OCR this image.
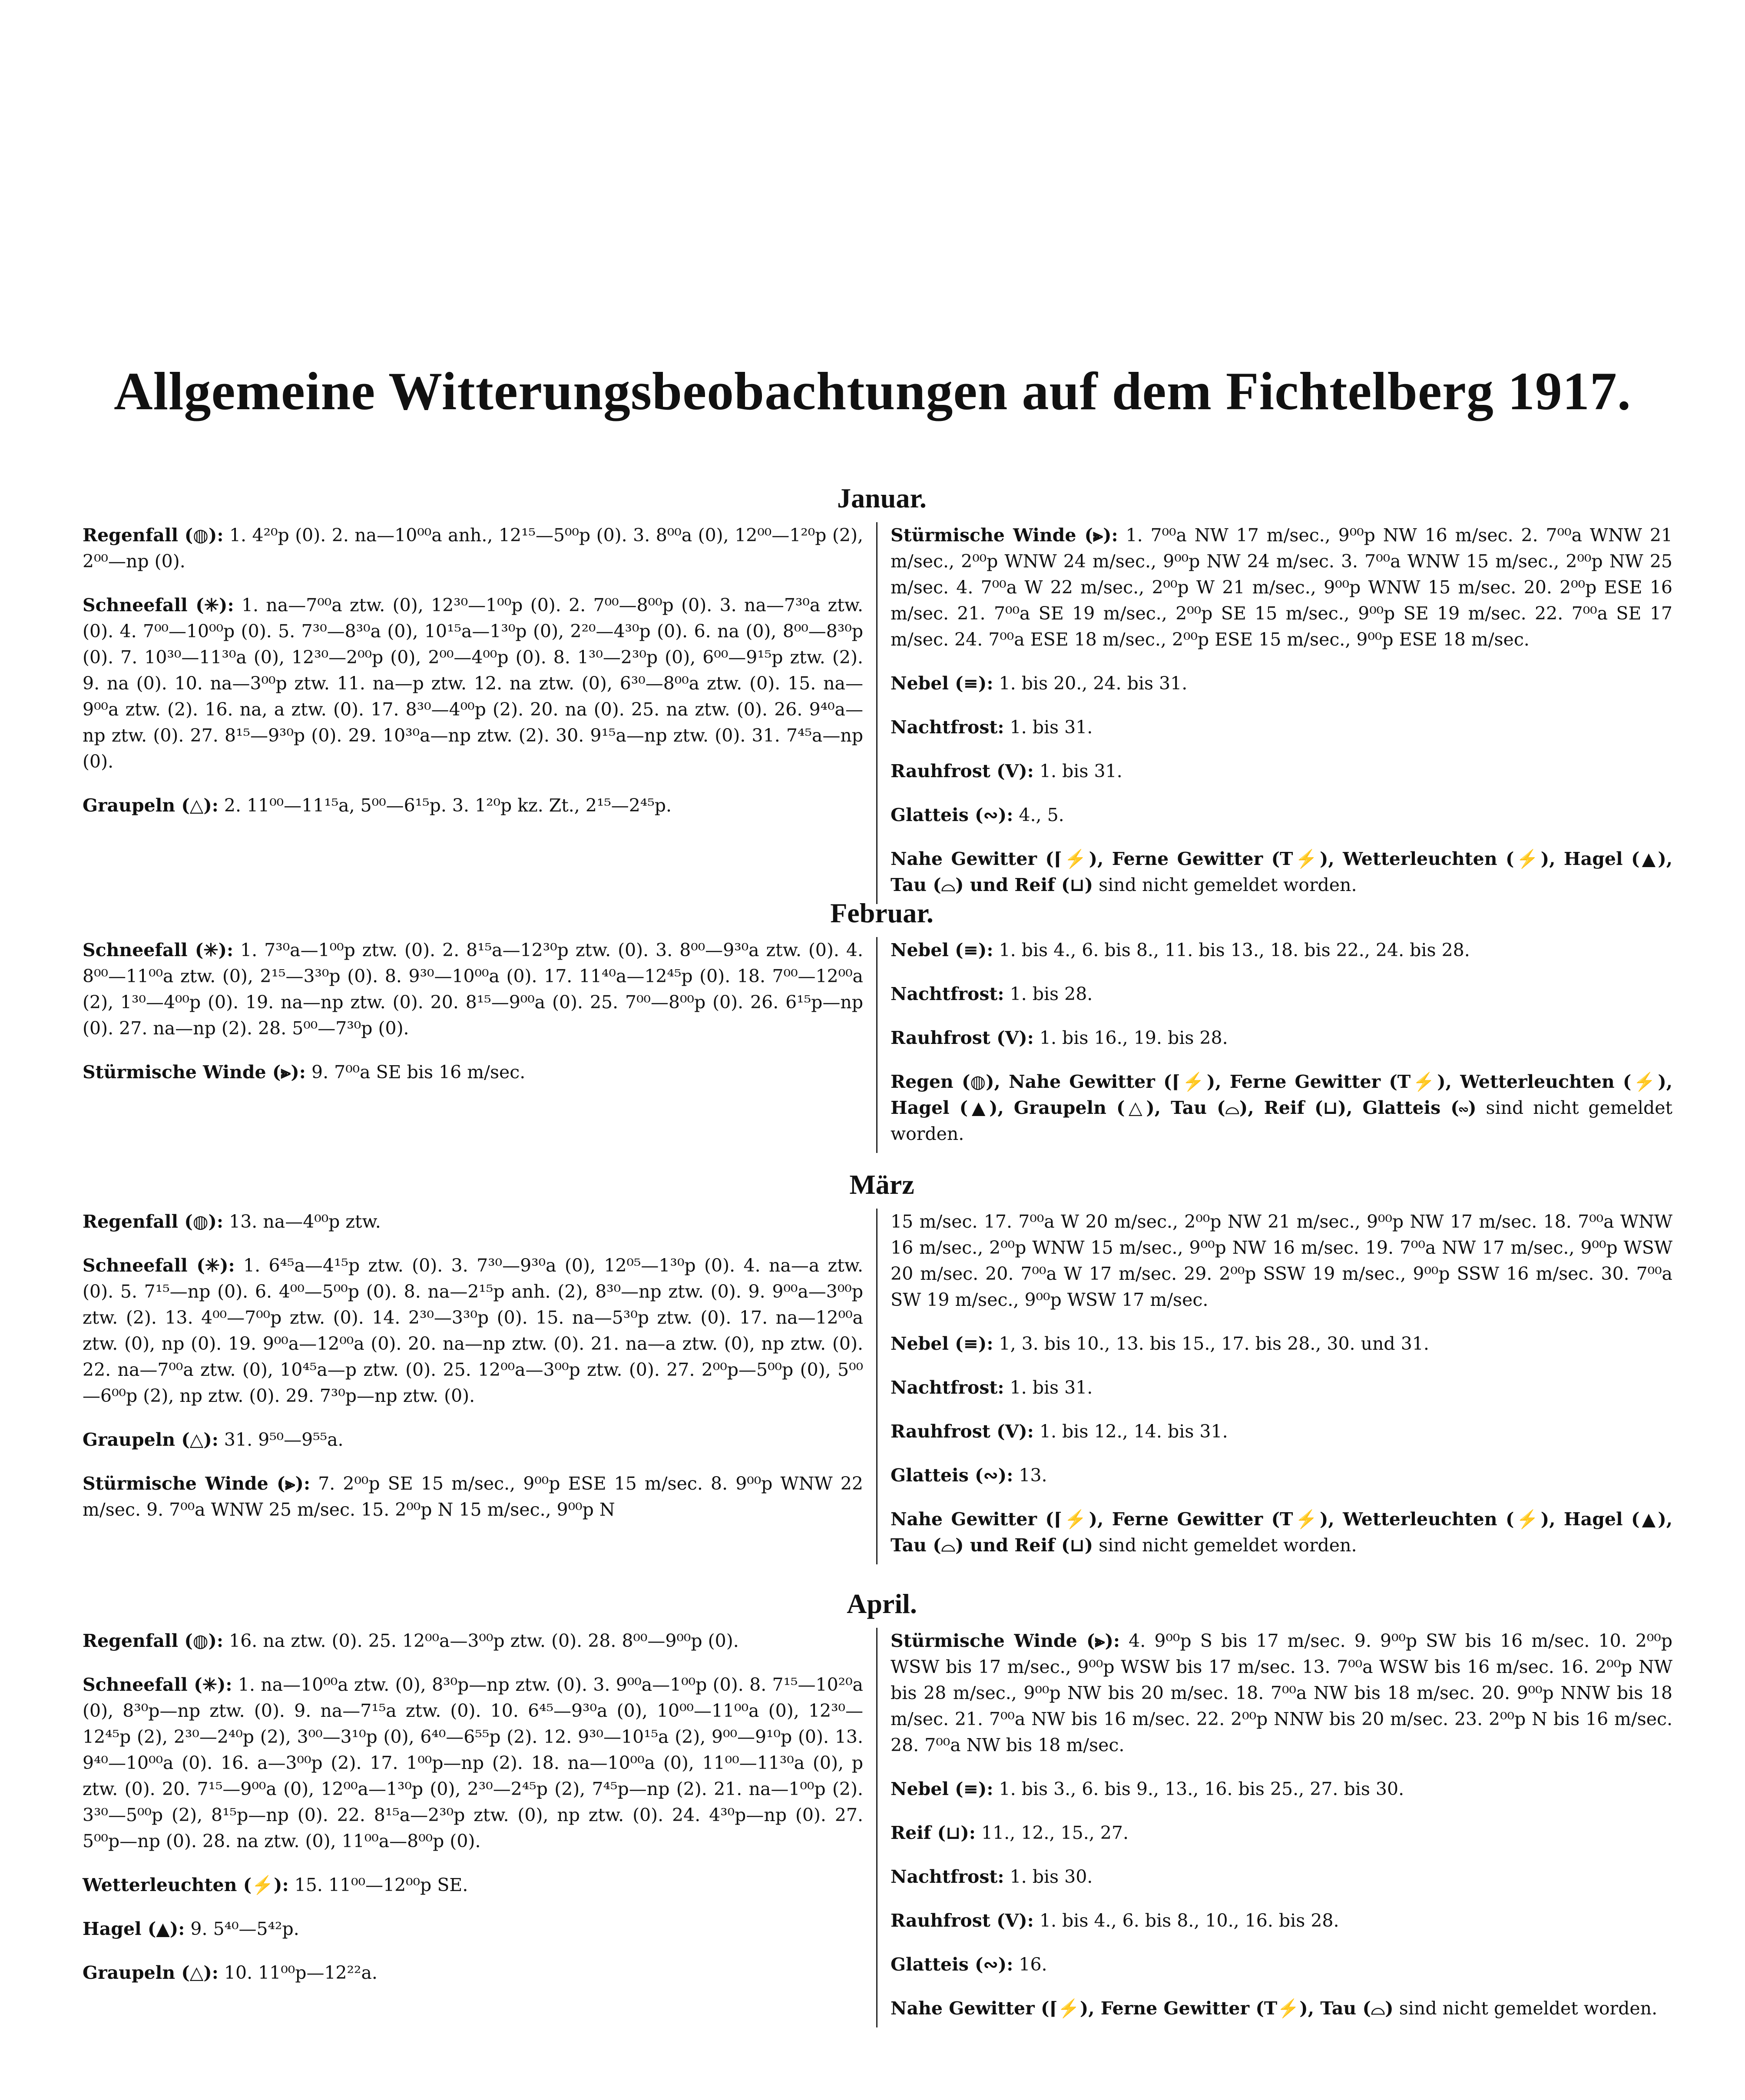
Allgemeine Witterungsbeobachtungen auf dem Fichtelberg 1917.
Januar.

Regenfall (◍): 1. 4²⁰p (0). 2. na—10⁰⁰a anh., 12¹⁵—5⁰⁰p (0). 3. 8⁰⁰a (0), 12⁰⁰—1²⁰p (2), 2⁰⁰—np (0).

Schneefall (✳): 1. na—7⁰⁰a ztw. (0), 12³⁰—1⁰⁰p (0). 2. 7⁰⁰—8⁰⁰p (0). 3. na—7³⁰a ztw. (0). 4. 7⁰⁰—10⁰⁰p (0). 5. 7³⁰—8³⁰a (0), 10¹⁵a—1³⁰p (0), 2²⁰—4³⁰p (0). 6. na (0), 8⁰⁰—8³⁰p (0). 7. 10³⁰—11³⁰a (0), 12³⁰—2⁰⁰p (0), 2⁰⁰—4⁰⁰p (0). 8. 1³⁰—2³⁰p (0), 6⁰⁰—9¹⁵p ztw. (2). 9. na (0). 10. na—3⁰⁰p ztw. 11. na—p ztw. 12. na ztw. (0), 6³⁰—8⁰⁰a ztw. (0). 15. na—9⁰⁰a ztw. (2). 16. na, a ztw. (0). 17. 8³⁰—4⁰⁰p (2). 20. na (0). 25. na ztw. (0). 26. 9⁴⁰a—np ztw. (0). 27. 8¹⁵—9³⁰p (0). 29. 10³⁰a—np ztw. (2). 30. 9¹⁵a—np ztw. (0). 31. 7⁴⁵a—np (0).

Graupeln (△): 2. 11⁰⁰—11¹⁵a, 5⁰⁰—6¹⁵p. 3. 1²⁰p kz. Zt., 2¹⁵—2⁴⁵p.

Stürmische Winde (⫸): 1. 7⁰⁰a NW 17 m/sec., 9⁰⁰p NW 16 m/sec. 2. 7⁰⁰a WNW 21 m/sec., 2⁰⁰p WNW 24 m/sec., 9⁰⁰p NW 24 m/sec. 3. 7⁰⁰a WNW 15 m/sec., 2⁰⁰p NW 25 m/sec. 4. 7⁰⁰a W 22 m/sec., 2⁰⁰p W 21 m/sec., 9⁰⁰p WNW 15 m/sec. 20. 2⁰⁰p ESE 16 m/sec. 21. 7⁰⁰a SE 19 m/sec., 2⁰⁰p SE 15 m/sec., 9⁰⁰p SE 19 m/sec. 22. 7⁰⁰a SE 17 m/sec. 24. 7⁰⁰a ESE 18 m/sec., 2⁰⁰p ESE 15 m/sec., 9⁰⁰p ESE 18 m/sec.

Nebel (≡): 1. bis 20., 24. bis 31.

Nachtfrost: 1. bis 31.

Rauhfrost (V): 1. bis 31.

Glatteis (∾): 4., 5.

Nahe Gewitter (⌈⚡), Ferne Gewitter (T⚡), Wetterleuchten (⚡), Hagel (▲), Tau (⌓) und Reif (⊔) sind nicht gemeldet worden.

Februar.

Schneefall (✳): 1. 7³⁰a—1⁰⁰p ztw. (0). 2. 8¹⁵a—12³⁰p ztw. (0). 3. 8⁰⁰—9³⁰a ztw. (0). 4. 8⁰⁰—11⁰⁰a ztw. (0), 2¹⁵—3³⁰p (0). 8. 9³⁰—10⁰⁰a (0). 17. 11⁴⁰a—12⁴⁵p (0). 18. 7⁰⁰—12⁰⁰a (2), 1³⁰—4⁰⁰p (0). 19. na—np ztw. (0). 20. 8¹⁵—9⁰⁰a (0). 25. 7⁰⁰—8⁰⁰p (0). 26. 6¹⁵p—np (0). 27. na—np (2). 28. 5⁰⁰—7³⁰p (0).

Stürmische Winde (⫸): 9. 7⁰⁰a SE bis 16 m/sec.

Nebel (≡): 1. bis 4., 6. bis 8., 11. bis 13., 18. bis 22., 24. bis 28.

Nachtfrost: 1. bis 28.

Rauhfrost (V): 1. bis 16., 19. bis 28.

Regen (◍), Nahe Gewitter (⌈⚡), Ferne Gewitter (T⚡), Wetterleuchten (⚡), Hagel (▲), Graupeln (△), Tau (⌓), Reif (⊔), Glatteis (∾) sind nicht gemeldet worden.

März

Regenfall (◍): 13. na—4⁰⁰p ztw.

Schneefall (✳): 1. 6⁴⁵a—4¹⁵p ztw. (0). 3. 7³⁰—9³⁰a (0), 12⁰⁵—1³⁰p (0). 4. na—a ztw. (0). 5. 7¹⁵—np (0). 6. 4⁰⁰—5⁰⁰p (0). 8. na—2¹⁵p anh. (2), 8³⁰—np ztw. (0). 9. 9⁰⁰a—3⁰⁰p ztw. (2). 13. 4⁰⁰—7⁰⁰p ztw. (0). 14. 2³⁰—3³⁰p (0). 15. na—5³⁰p ztw. (0). 17. na—12⁰⁰a ztw. (0), np (0). 19. 9⁰⁰a—12⁰⁰a (0). 20. na—np ztw. (0). 21. na—a ztw. (0), np ztw. (0). 22. na—7⁰⁰a ztw. (0), 10⁴⁵a—p ztw. (0). 25. 12⁰⁰a—3⁰⁰p ztw. (0). 27. 2⁰⁰p—5⁰⁰p (0), 5⁰⁰—6⁰⁰p (2), np ztw. (0). 29. 7³⁰p—np ztw. (0).

Graupeln (△): 31. 9⁵⁰—9⁵⁵a.

Stürmische Winde (⫸): 7. 2⁰⁰p SE 15 m/sec., 9⁰⁰p ESE 15 m/sec. 8. 9⁰⁰p WNW 22 m/sec. 9. 7⁰⁰a WNW 25 m/sec. 15. 2⁰⁰p N 15 m/sec., 9⁰⁰p N

15 m/sec. 17. 7⁰⁰a W 20 m/sec., 2⁰⁰p NW 21 m/sec., 9⁰⁰p NW 17 m/sec. 18. 7⁰⁰a WNW 16 m/sec., 2⁰⁰p WNW 15 m/sec., 9⁰⁰p NW 16 m/sec. 19. 7⁰⁰a NW 17 m/sec., 9⁰⁰p WSW 20 m/sec. 20. 7⁰⁰a W 17 m/sec. 29. 2⁰⁰p SSW 19 m/sec., 9⁰⁰p SSW 16 m/sec. 30. 7⁰⁰a SW 19 m/sec., 9⁰⁰p WSW 17 m/sec.

Nebel (≡): 1, 3. bis 10., 13. bis 15., 17. bis 28., 30. und 31.

Nachtfrost: 1. bis 31.

Rauhfrost (V): 1. bis 12., 14. bis 31.

Glatteis (∾): 13.

Nahe Gewitter (⌈⚡), Ferne Gewitter (T⚡), Wetterleuchten (⚡), Hagel (▲), Tau (⌓) und Reif (⊔) sind nicht gemeldet worden.

April.

Regenfall (◍): 16. na ztw. (0). 25. 12⁰⁰a—3⁰⁰p ztw. (0). 28. 8⁰⁰—9⁰⁰p (0).

Schneefall (✳): 1. na—10⁰⁰a ztw. (0), 8³⁰p—np ztw. (0). 3. 9⁰⁰a—1⁰⁰p (0). 8. 7¹⁵—10²⁰a (0), 8³⁰p—np ztw. (0). 9. na—7¹⁵a ztw. (0). 10. 6⁴⁵—9³⁰a (0), 10⁰⁰—11⁰⁰a (0), 12³⁰—12⁴⁵p (2), 2³⁰—2⁴⁰p (2), 3⁰⁰—3¹⁰p (0), 6⁴⁰—6⁵⁵p (2). 12. 9³⁰—10¹⁵a (2), 9⁰⁰—9¹⁰p (0). 13. 9⁴⁰—10⁰⁰a (0). 16. a—3⁰⁰p (2). 17. 1⁰⁰p—np (2). 18. na—10⁰⁰a (0), 11⁰⁰—11³⁰a (0), p ztw. (0). 20. 7¹⁵—9⁰⁰a (0), 12⁰⁰a—1³⁰p (0), 2³⁰—2⁴⁵p (2), 7⁴⁵p—np (2). 21. na—1⁰⁰p (2). 3³⁰—5⁰⁰p (2), 8¹⁵p—np (0). 22. 8¹⁵a—2³⁰p ztw. (0), np ztw. (0). 24. 4³⁰p—np (0). 27. 5⁰⁰p—np (0). 28. na ztw. (0), 11⁰⁰a—8⁰⁰p (0).

Wetterleuchten (⚡): 15. 11⁰⁰—12⁰⁰p SE.

Hagel (▲): 9. 5⁴⁰—5⁴²p.

Graupeln (△): 10. 11⁰⁰p—12²²a.

Stürmische Winde (⫸): 4. 9⁰⁰p S bis 17 m/sec. 9. 9⁰⁰p SW bis 16 m/sec. 10. 2⁰⁰p WSW bis 17 m/sec., 9⁰⁰p WSW bis 17 m/sec. 13. 7⁰⁰a WSW bis 16 m/sec. 16. 2⁰⁰p NW bis 28 m/sec., 9⁰⁰p NW bis 20 m/sec. 18. 7⁰⁰a NW bis 18 m/sec. 20. 9⁰⁰p NNW bis 18 m/sec. 21. 7⁰⁰a NW bis 16 m/sec. 22. 2⁰⁰p NNW bis 20 m/sec. 23. 2⁰⁰p N bis 16 m/sec. 28. 7⁰⁰a NW bis 18 m/sec.

Nebel (≡): 1. bis 3., 6. bis 9., 13., 16. bis 25., 27. bis 30.

Reif (⊔): 11., 12., 15., 27.

Nachtfrost: 1. bis 30.

Rauhfrost (V): 1. bis 4., 6. bis 8., 10., 16. bis 28.

Glatteis (∾): 16.

Nahe Gewitter (⌈⚡), Ferne Gewitter (T⚡), Tau (⌓) sind nicht gemeldet worden.
